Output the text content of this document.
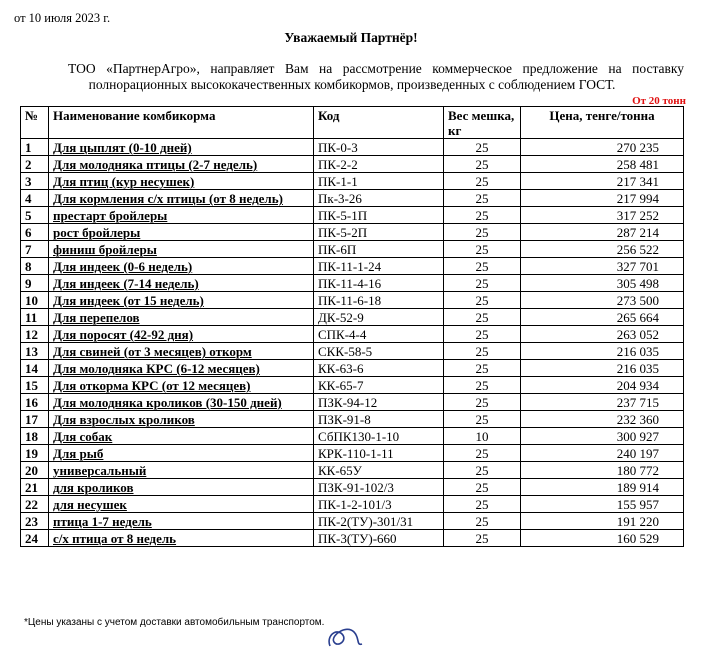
от 10 июля 2023 г.
Уважаемый Партнёр!
ТОО «ПартнерАгро», направляет Вам на рассмотрение коммерческое предложение на поставку
полнорационных высококачественных комбикормов, произведенных с соблюдением ГОСТ.
От 20 тонн
№	Наименование комбикорма	Код	Вес мешка, кг	Цена, тенге/тонна
1	Для цыплят (0-10 дней)	ПК-0-3	25	270 235
2	Для молодняка птицы (2-7 недель)	ПК-2-2	25	258 481
3	Для птиц (кур несушек)	ПК-1-1	25	217 341
4	Для кормления с/х птицы (от 8 недель)	Пк-3-26	25	217 994
5	престарт бройлеры	ПК-5-1П	25	317 252
6	рост бройлеры	ПК-5-2П	25	287 214
7	финиш бройлеры	ПК-6П	25	256 522
8	Для индеек (0-6 недель)	ПК-11-1-24	25	327 701
9	Для индеек (7-14 недель)	ПК-11-4-16	25	305 498
10	Для индеек (от 15 недель)	ПК-11-6-18	25	273 500
11	Для перепелов	ДК-52-9	25	265 664
12	Для поросят (42-92 дня)	СПК-4-4	25	263 052
13	Для свиней (от 3 месяцев) откорм	СКК-58-5	25	216 035
14	Для молодняка КРС (6-12 месяцев)	КК-63-6	25	216 035
15	Для откорма КРС (от 12 месяцев)	КК-65-7	25	204 934
16	Для молодняка кроликов (30-150 дней)	ПЗК-94-12	25	237 715
17	Для взрослых кроликов	ПЗК-91-8	25	232 360
18	Для собак	СбПК130-1-10	10	300 927
19	Для рыб	КРК-110-1-11	25	240 197
20	универсальный	КК-65У	25	180 772
21	для кроликов	ПЗК-91-102/3	25	189 914
22	для несушек	ПК-1-2-101/3	25	155 957
23	птица 1-7 недель	ПК-2(ТУ)-301/31	25	191 220
24	с/х птица от 8 недель	ПК-3(ТУ)-660	25	160 529
*Цены указаны с учетом доставки автомобильным транспортом.
